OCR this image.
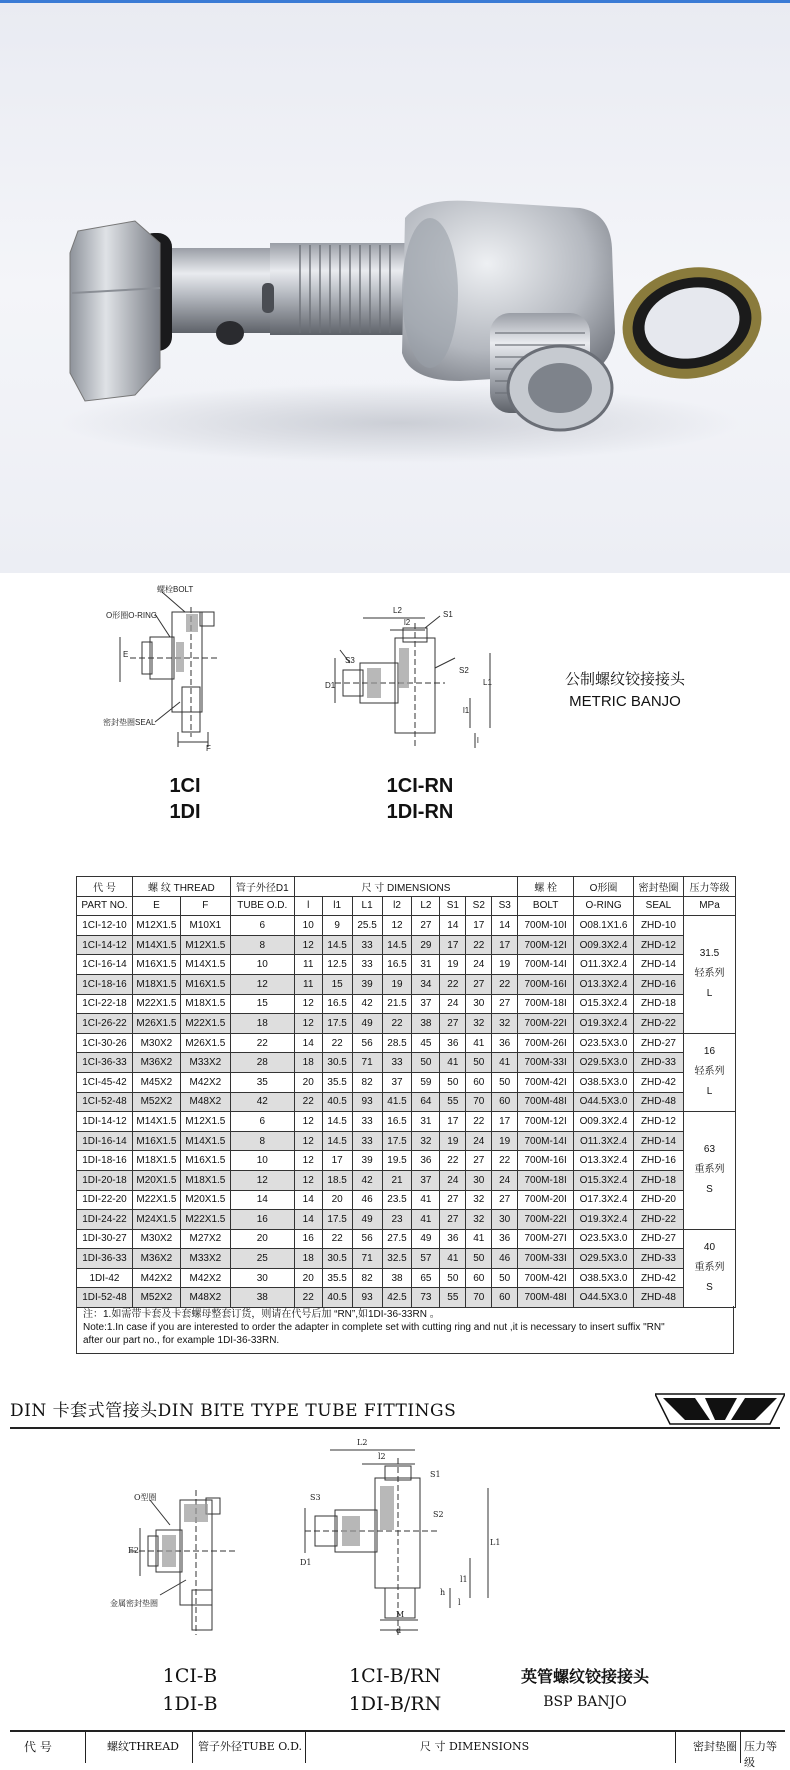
螺栓BOLT
O形圈O-RING
密封垫圈SEAL
E
F
1CI
1DI
L2
l2
S1
S3
S2
D1	L1
l1
l
1CI-RN
1DI-RN
公制螺纹铰接接头
METRIC BANJO
代 号	螺 纹 THREAD		管子外径D1	尺 寸 DIMENSIONS								螺 栓	O形圈	密封垫圈	压力等级
PART NO.	E	F	TUBE O.D.	l	l1	L1	l2	L2	S1	S2	S3	BOLT	O-RING	SEAL	MPa
1CI-12-10	M12X1.5	M10X1	6	10	9	25.5	12	27	14	17	14	700M-10I	O08.1X1.6	ZHD-10	31.5
轻系列
L

1CI-14-12	M14X1.5	M12X1.5	8	12	14.5	33	14.5	29	17	22	17	700M-12I	O09.3X2.4	ZHD-12	
1CI-16-14	M16X1.5	M14X1.5	10	11	12.5	33	16.5	31	19	24	19	700M-14I	O11.3X2.4	ZHD-14	
1CI-18-16	M18X1.5	M16X1.5	12	11	15	39	19	34	22	27	22	700M-16I	O13.3X2.4	ZHD-16	
1CI-22-18	M22X1.5	M18X1.5	15	12	16.5	42	21.5	37	24	30	27	700M-18I	O15.3X2.4	ZHD-18	
1CI-26-22	M26X1.5	M22X1.5	18	12	17.5	49	22	38	27	32	32	700M-22I	O19.3X2.4	ZHD-22	
1CI-30-26	M30X2	M26X1.5	22	14	22	56	28.5	45	36	41	36	700M-26I	O23.5X3.0	ZHD-27	16
轻系列
L

1CI-36-33	M36X2	M33X2	28	18	30.5	71	33	50	41	50	41	700M-33I	O29.5X3.0	ZHD-33	
1CI-45-42	M45X2	M42X2	35	20	35.5	82	37	59	50	60	50	700M-42I	O38.5X3.0	ZHD-42	
1CI-52-48	M52X2	M48X2	42	22	40.5	93	41.5	64	55	70	60	700M-48I	O44.5X3.0	ZHD-48	
1DI-14-12	M14X1.5	M12X1.5	6	12	14.5	33	16.5	31	17	22	17	700M-12I	O09.3X2.4	ZHD-12	63
重系列
S

1DI-16-14	M16X1.5	M14X1.5	8	12	14.5	33	17.5	32	19	24	19	700M-14I	O11.3X2.4	ZHD-14	
1DI-18-16	M18X1.5	M16X1.5	10	12	17	39	19.5	36	22	27	22	700M-16I	O13.3X2.4	ZHD-16	
1DI-20-18	M20X1.5	M18X1.5	12	12	18.5	42	21	37	24	30	24	700M-18I	O15.3X2.4	ZHD-18	
1DI-22-20	M22X1.5	M20X1.5	14	14	20	46	23.5	41	27	32	27	700M-20I	O17.3X2.4	ZHD-20	
1DI-24-22	M24X1.5	M22X1.5	16	14	17.5	49	23	41	27	32	30	700M-22I	O19.3X2.4	ZHD-22	
1DI-30-27	M30X2	M27X2	20	16	22	56	27.5	49	36	41	36	700M-27I	O23.5X3.0	ZHD-27	40
重系列
S

1DI-36-33	M36X2	M33X2	25	18	30.5	71	32.5	57	41	50	46	700M-33I	O29.5X3.0	ZHD-33	
1DI-42	M42X2	M42X2	30	20	35.5	82	38	65	50	60	50	700M-42I	O38.5X3.0	ZHD-42	
1DI-52-48	M52X2	M48X2	38	22	40.5	93	42.5	73	55	70	60	700M-48I	O44.5X3.0	ZHD-48	
注：1.如需带卡套及卡套螺母整套订货，则请在代号后加 “RN”,如1DI-36-33RN 。
Note:1.In case if you are interested to order the adapter in complete set with cutting ring and nut ,it is necessary to insert suffix "RN"
after our part no., for example 1DI-36-33RN.
DIN 卡套式管接头DIN BITE TYPE TUBE FITTINGS
O型圈
金属密封垫圈
E2
1CI-B
1DI-B
L2
l2
S1
S3
S2
D1
L1
l1
l
h
M
d
1CI-B/RN
1DI-B/RN
英管螺纹铰接接头
BSP BANJO
代 号	螺纹THREAD 管子外径TUBE O.D.	尺 寸 DIMENSIONS	密封垫圈 压力等级
